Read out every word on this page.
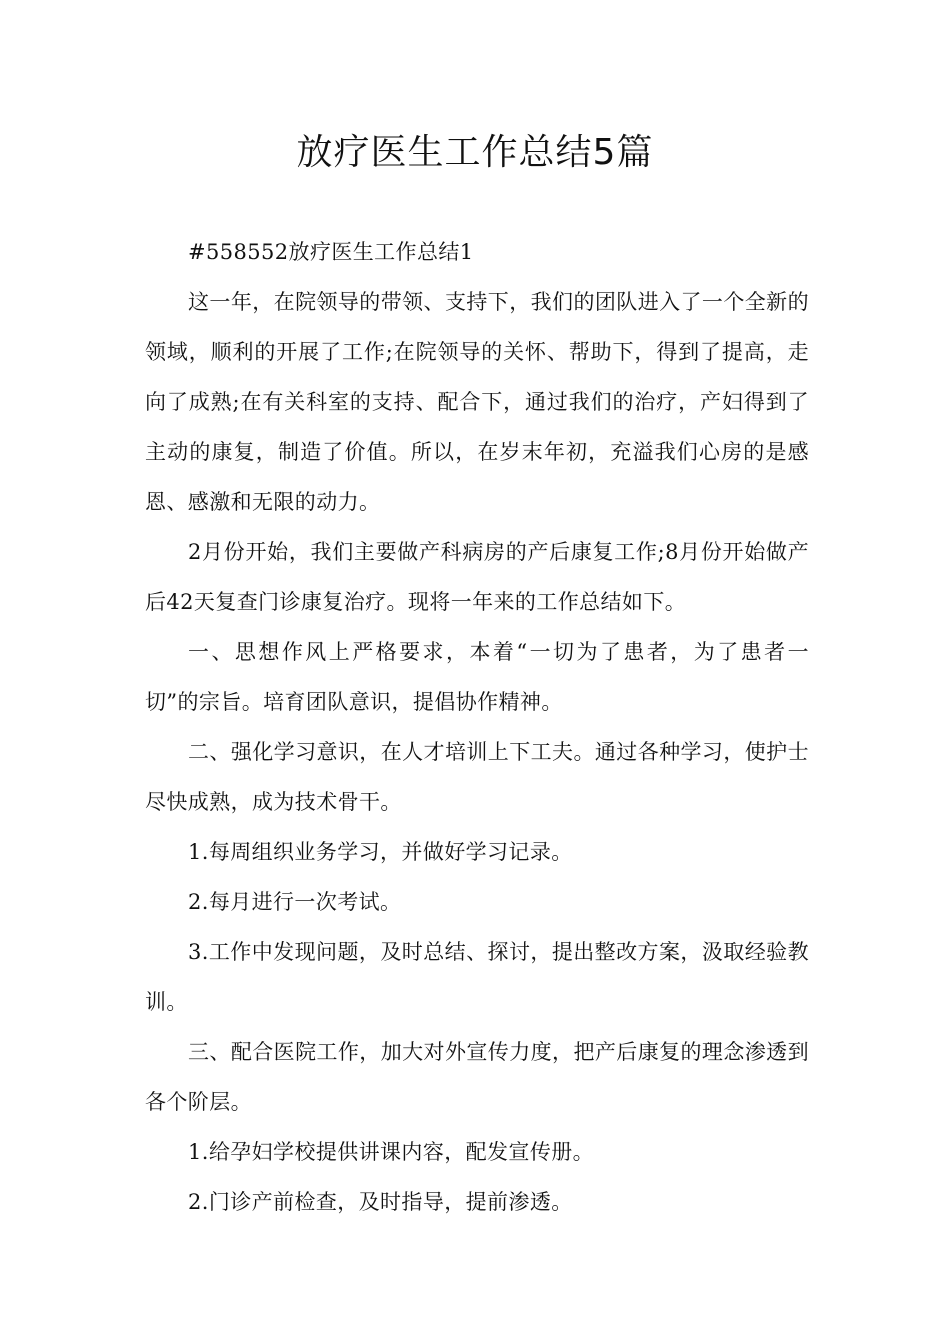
放疗医生工作总结5篇

#558552放疗医生工作总结1

这一年，在院领导的带领、支持下，我们的团队进入了一个全新的领域，顺利的开展了工作;在院领导的关怀、帮助下，得到了提高，走向了成熟;在有关科室的支持、配合下，通过我们的治疗，产妇得到了主动的康复，制造了价值。所以，在岁末年初，充溢我们心房的是感恩、感激和无限的动力。

2月份开始，我们主要做产科病房的产后康复工作;8月份开始做产后42天复查门诊康复治疗。现将一年来的工作总结如下。

一、思想作风上严格要求，本着“一切为了患者，为了患者一切”的宗旨。培育团队意识，提倡协作精神。

二、强化学习意识，在人才培训上下工夫。通过各种学习，使护士尽快成熟，成为技术骨干。

1.每周组织业务学习，并做好学习记录。

2.每月进行一次考试。

3.工作中发现问题，及时总结、探讨，提出整改方案，汲取经验教训。

三、配合医院工作，加大对外宣传力度，把产后康复的理念渗透到各个阶层。

1.给孕妇学校提供讲课内容，配发宣传册。

2.门诊产前检查，及时指导，提前渗透。
